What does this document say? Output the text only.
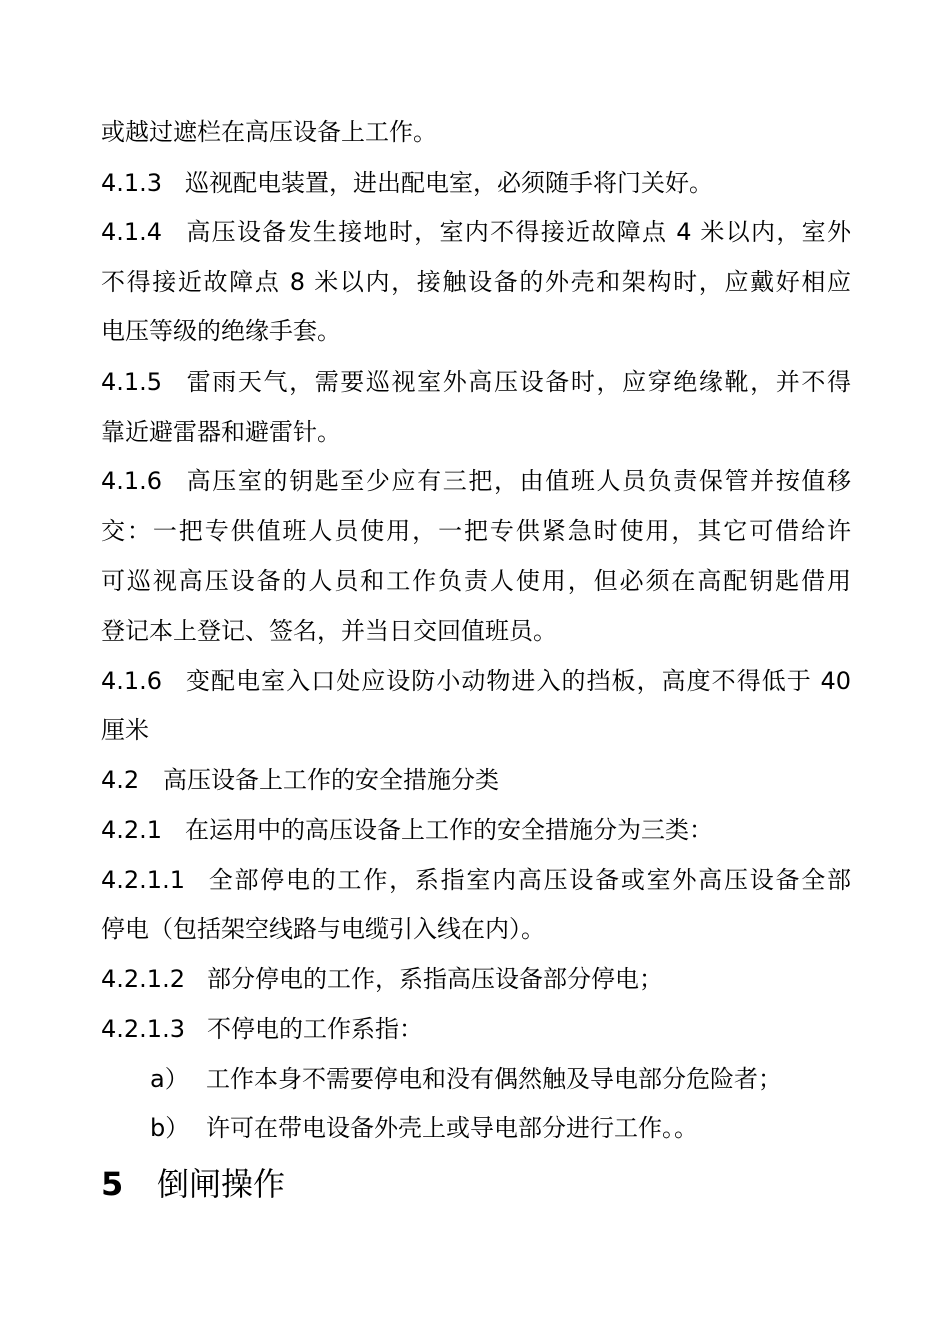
或越过遮栏在高压设备上工作。
4.1.3 巡视配电装置，进出配电室，必须随手将门关好。
4.1.4 高压设备发生接地时，室内不得接近故障点 4 米以内，室外
不得接近故障点 8 米以内，接触设备的外壳和架构时，应戴好相应
电压等级的绝缘手套。
4.1.5 雷雨天气，需要巡视室外高压设备时，应穿绝缘靴，并不得
靠近避雷器和避雷针。
4.1.6 高压室的钥匙至少应有三把，由值班人员负责保管并按值移
交：一把专供值班人员使用，一把专供紧急时使用，其它可借给许
可巡视高压设备的人员和工作负责人使用，但必须在高配钥匙借用
登记本上登记、签名，并当日交回值班员。
4.1.6 变配电室入口处应设防小动物进入的挡板，高度不得低于 40
厘米
4.2 高压设备上工作的安全措施分类
4.2.1 在运用中的高压设备上工作的安全措施分为三类：
4.2.1.1 全部停电的工作，系指室内高压设备或室外高压设备全部
停电（包括架空线路与电缆引入线在内）。
4.2.1.2 部分停电的工作，系指高压设备部分停电；
4.2.1.3 不停电的工作系指：
a） 工作本身不需要停电和没有偶然触及导电部分危险者；
b） 许可在带电设备外壳上或导电部分进行工作。。
5 倒闸操作
